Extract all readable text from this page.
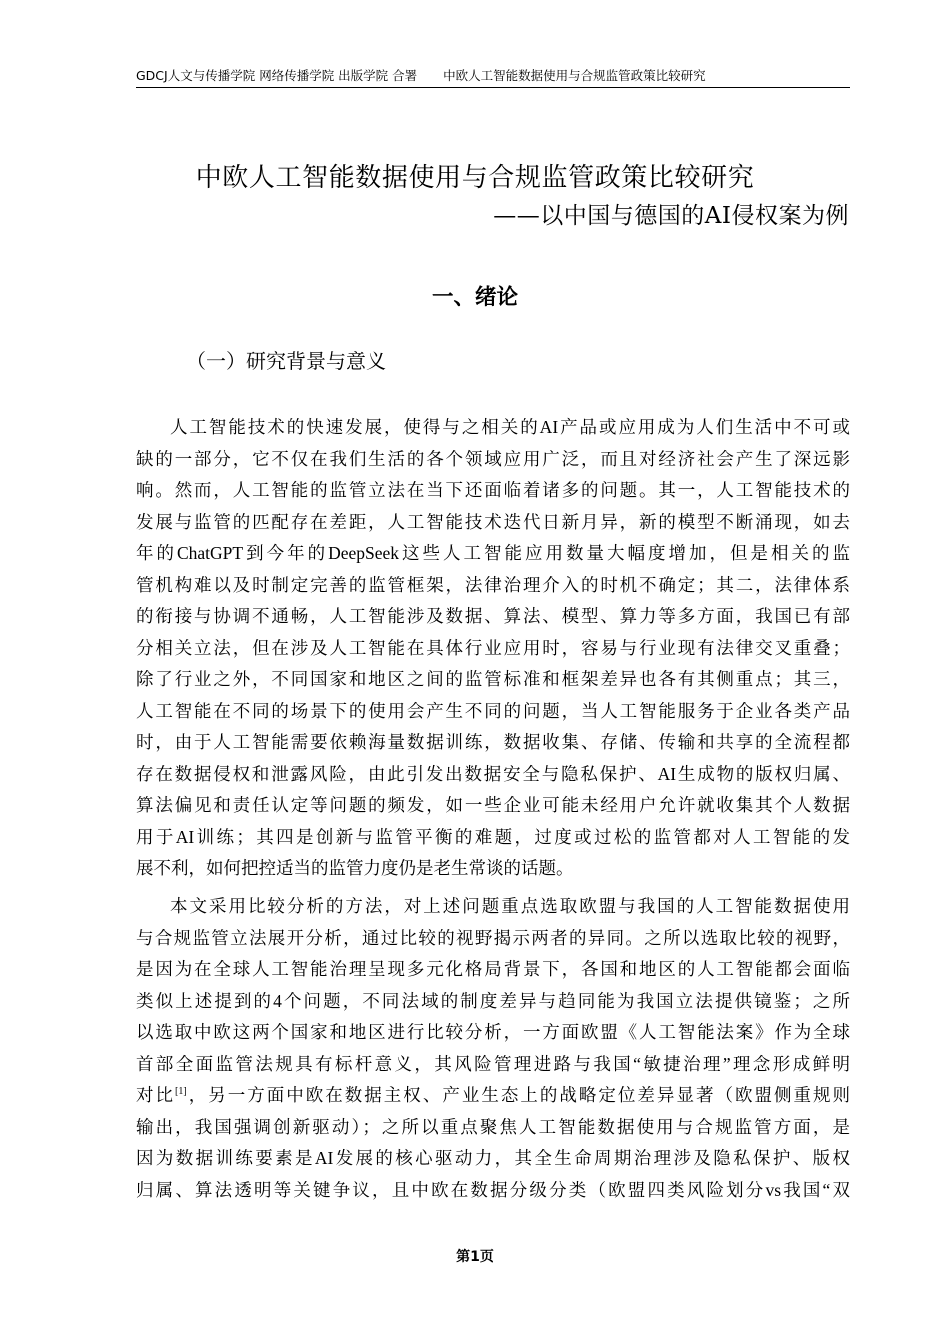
GDCJ人文与传播学院 网络传播学院 出版学院 合署 中欧人工智能数据使用与合规监管政策比较研究
中欧人工智能数据使用与合规监管政策比较研究
——以中国与德国的AI侵权案为例
一、绪论
（一）研究背景与意义
人工智能技术的快速发展，使得与之相关的AI产品或应用成为人们生活中不可或
缺的一部分，它不仅在我们生活的各个领域应用广泛，而且对经济社会产生了深远影
响。然而，人工智能的监管立法在当下还面临着诸多的问题。其一，人工智能技术的
发展与监管的匹配存在差距，人工智能技术迭代日新月异，新的模型不断涌现，如去
年的ChatGPT到今年的DeepSeek这些人工智能应用数量大幅度增加，但是相关的监
管机构难以及时制定完善的监管框架，法律治理介入的时机不确定；其二，法律体系
的衔接与协调不通畅，人工智能涉及数据、算法、模型、算力等多方面，我国已有部
分相关立法，但在涉及人工智能在具体行业应用时，容易与行业现有法律交叉重叠；
除了行业之外，不同国家和地区之间的监管标准和框架差异也各有其侧重点；其三，
人工智能在不同的场景下的使用会产生不同的问题，当人工智能服务于企业各类产品
时，由于人工智能需要依赖海量数据训练，数据收集、存储、传输和共享的全流程都
存在数据侵权和泄露风险，由此引发出数据安全与隐私保护、AI生成物的版权归属、
算法偏见和责任认定等问题的频发，如一些企业可能未经用户允许就收集其个人数据
用于AI训练；其四是创新与监管平衡的难题，过度或过松的监管都对人工智能的发
展不利，如何把控适当的监管力度仍是老生常谈的话题。
本文采用比较分析的方法，对上述问题重点选取欧盟与我国的人工智能数据使用
与合规监管立法展开分析，通过比较的视野揭示两者的异同。之所以选取比较的视野，
是因为在全球人工智能治理呈现多元化格局背景下，各国和地区的人工智能都会面临
类似上述提到的4个问题，不同法域的制度差异与趋同能为我国立法提供镜鉴；之所
以选取中欧这两个国家和地区进行比较分析，一方面欧盟《人工智能法案》作为全球
首部全面监管法规具有标杆意义，其风险管理进路与我国“敏捷治理”理念形成鲜明
对比[1]，另一方面中欧在数据主权、产业生态上的战略定位差异显著（欧盟侧重规则
输出，我国强调创新驱动）；之所以重点聚焦人工智能数据使用与合规监管方面，是
因为数据训练要素是AI发展的核心驱动力，其全生命周期治理涉及隐私保护、版权
归属、算法透明等关键争议，且中欧在数据分级分类（欧盟四类风险划分vs我国“双
第1页
